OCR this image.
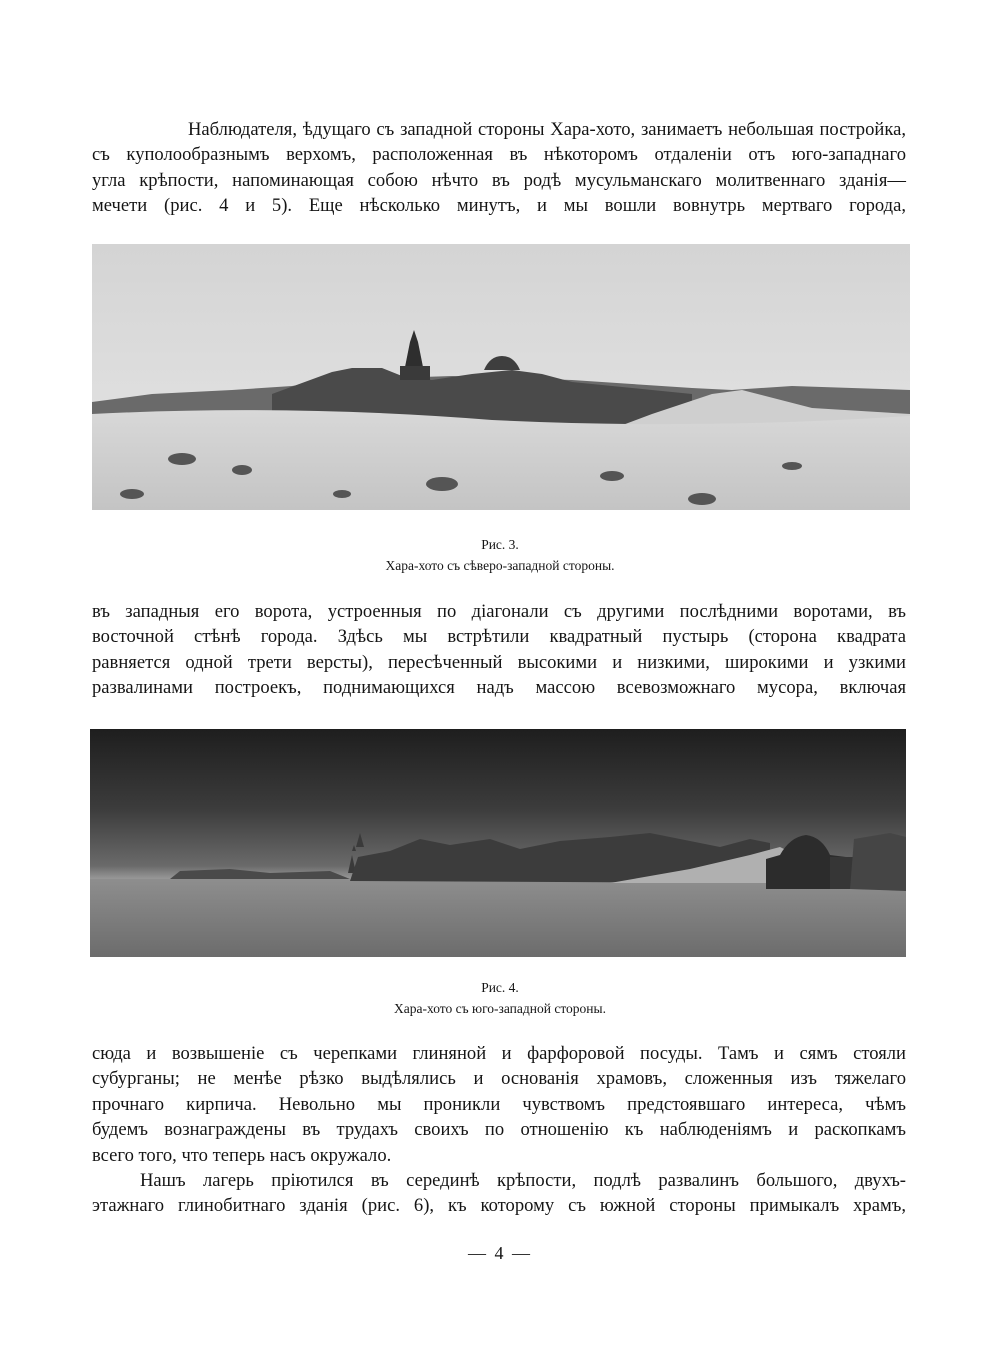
Наблюдателя, ѣдущаго съ западной стороны Хара-хото, занимаетъ небольшая постройка,
съ куполообразнымъ верхомъ, расположенная въ нѣкоторомъ отдаленіи отъ юго-западнаго
угла крѣпости, напоминающая собою нѣчто въ родѣ мусульманскаго молитвеннаго зданія—
мечети (рис. 4 и 5). Еще нѣсколько минутъ, и мы вошли вовнутрь мертваго города,

Рис. 3.

Хара-хото съ сѣверо-западной стороны.

въ западныя его ворота, устроенныя по діагонали съ другими послѣдними воротами, въ
восточной стѣнѣ города. Здѣсь мы встрѣтили квадратный пустырь (сторона квадрата
равняется одной трети версты), пересѣченный высокими и низкими, широкими и узкими
развалинами построекъ, поднимающихся надъ массою всевозможнаго мусора, включая

Рис. 4.

Хара-хото съ юго-западной стороны.

сюда и возвышеніе съ черепками глиняной и фарфоровой посуды. Тамъ и сямъ стояли
субурганы; не менѣе рѣзко выдѣлялись и основанія храмовъ, сложенныя изъ тяжелаго
прочнаго кирпича. Невольно мы проникли чувствомъ предстоявшаго интереса, чѣмъ
будемъ вознаграждены въ трудахъ своихъ по отношенію къ наблюденіямъ и раскопкамъ
всего того, что теперь насъ окружало.

Нашъ лагерь пріютился въ серединѣ крѣпости, подлѣ развалинъ большого, двухъ-
этажнаго глинобитнаго зданія (рис. 6), къ которому съ южной стороны примыкалъ храмъ,

— 4 —
